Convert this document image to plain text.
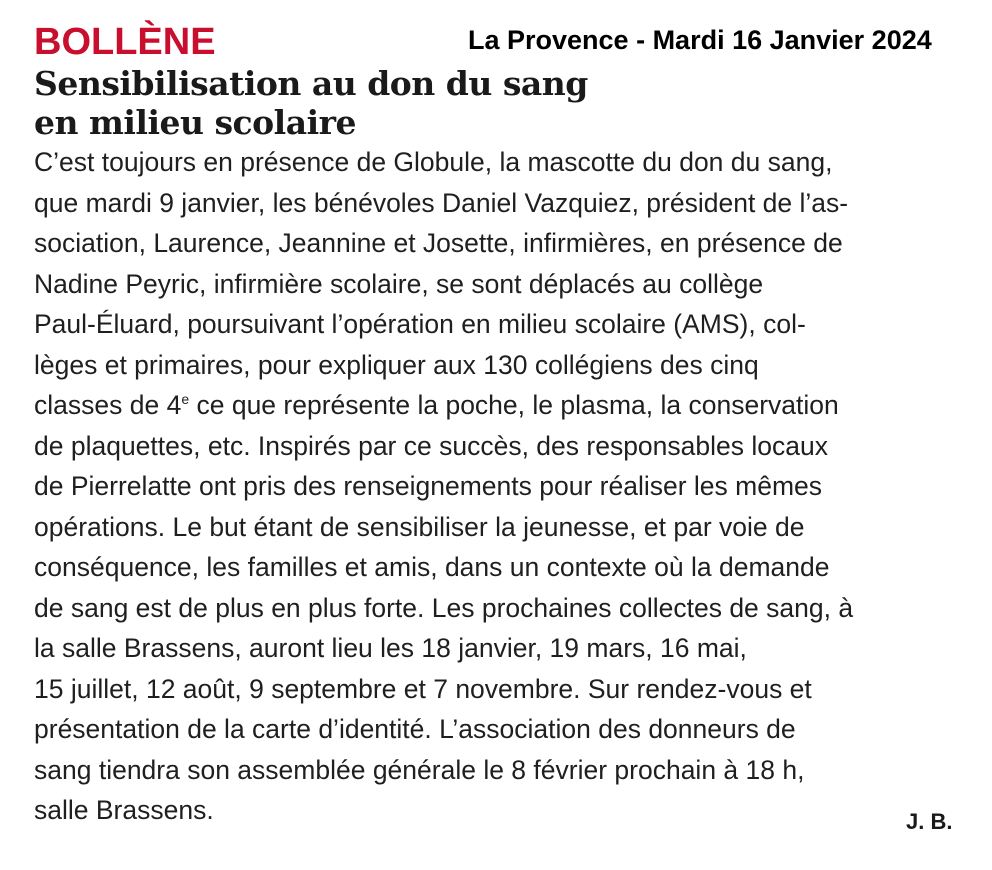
BOLLÈNE	La Provence - Mardi 16 Janvier 2024
Sensibilisation au don du sang
en milieu scolaire
C’est toujours en présence de Globule, la mascotte du don du sang,
que mardi 9 janvier, les bénévoles Daniel Vazquiez, président de l’as-
sociation, Laurence, Jeannine et Josette, infirmières, en présence de
Nadine Peyric, infirmière scolaire, se sont déplacés au collège
Paul-Éluard, poursuivant l’opération en milieu scolaire (AMS), col-
lèges et primaires, pour expliquer aux 130 collégiens des cinq
classes de 4e ce que représente la poche, le plasma, la conservation
de plaquettes, etc. Inspirés par ce succès, des responsables locaux
de Pierrelatte ont pris des renseignements pour réaliser les mêmes
opérations. Le but étant de sensibiliser la jeunesse, et par voie de
conséquence, les familles et amis, dans un contexte où la demande
de sang est de plus en plus forte. Les prochaines collectes de sang, à
la salle Brassens, auront lieu les 18 janvier, 19 mars, 16 mai,
15 juillet, 12 août, 9 septembre et 7 novembre. Sur rendez-vous et
présentation de la carte d’identité. L’association des donneurs de
sang tiendra son assemblée générale le 8 février prochain à 18 h,
salle Brassens.	J. B.
